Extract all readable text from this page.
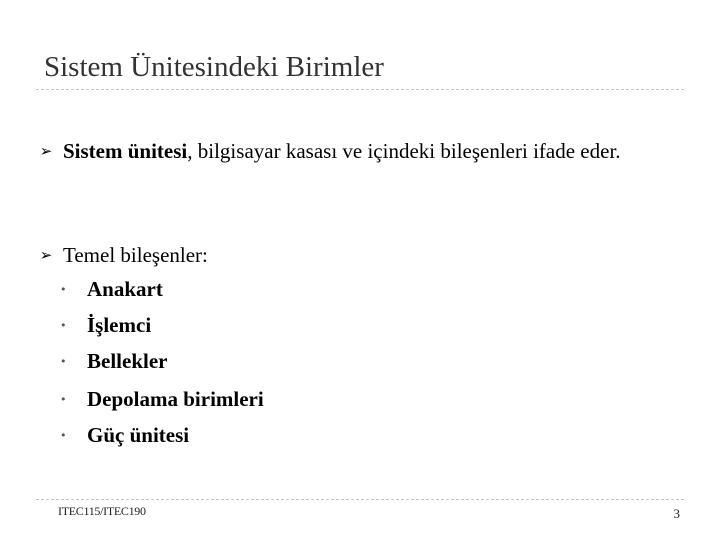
Sistem Ünitesindeki Birimler
➢ Sistem ünitesi, bilgisayar kasası ve içindeki bileşenleri ifade eder.
➢ Temel bileşenler:
• Anakart
• İşlemci
• Bellekler
• Depolama birimleri
• Güç ünitesi
ITEC115/ITEC190	3
